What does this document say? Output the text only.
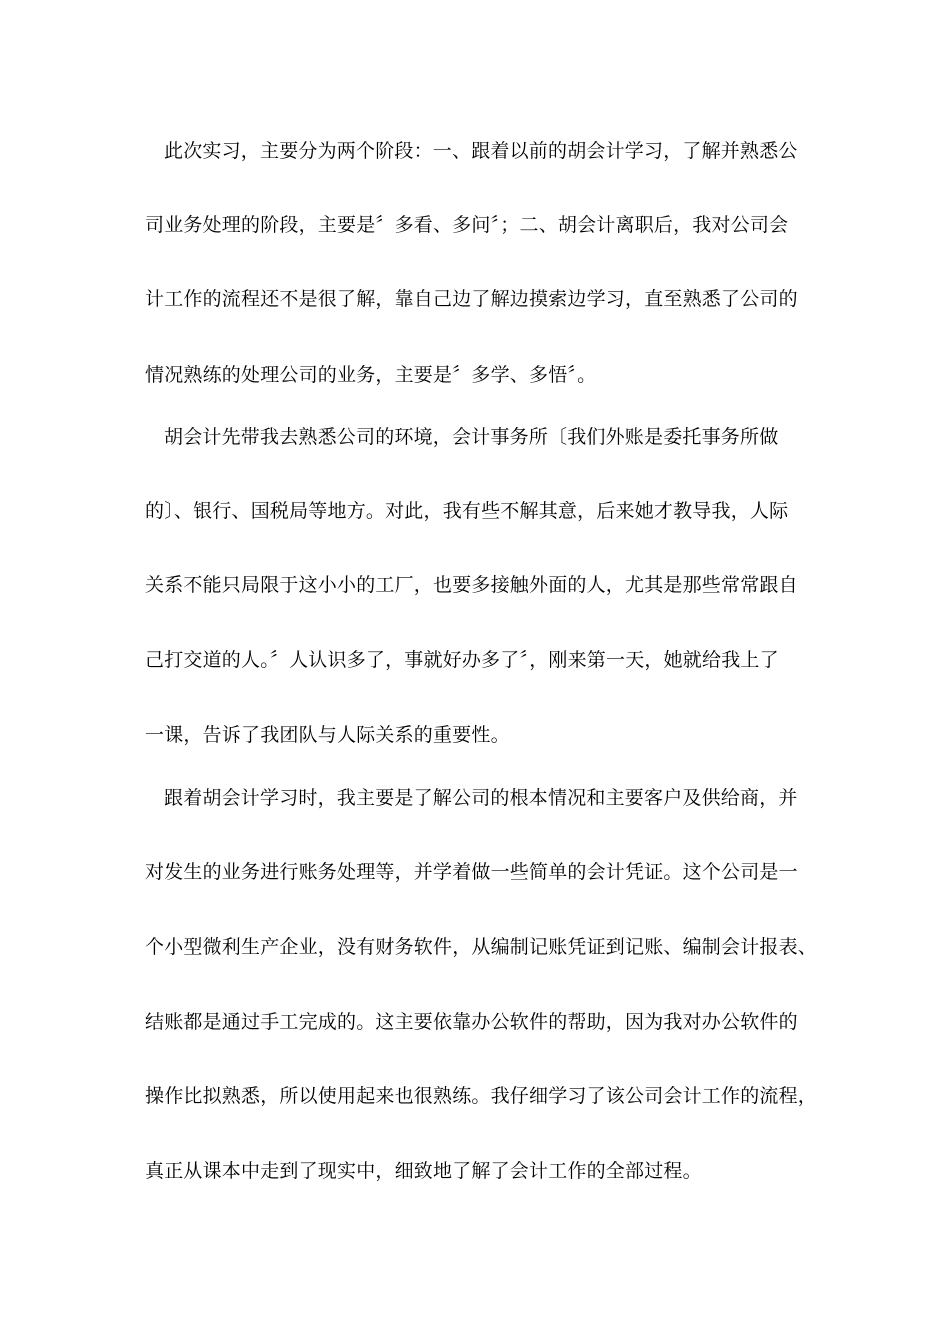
此次实习，主要分为两个阶段：一、跟着以前的胡会计学习，了解并熟悉公
司业务处理的阶段，主要是〞多看、多问〞；二、胡会计离职后，我对公司会
计工作的流程还不是很了解，靠自己边了解边摸索边学习，直至熟悉了公司的
情况熟练的处理公司的业务，主要是〞多学、多悟〞。
胡会计先带我去熟悉公司的环境，会计事务所〔我们外账是委托事务所做
的〕、银行、国税局等地方。对此，我有些不解其意，后来她才教导我，人际
关系不能只局限于这小小的工厂，也要多接触外面的人，尤其是那些常常跟自
己打交道的人。〞人认识多了，事就好办多了〞，刚来第一天，她就给我上了
一课，告诉了我团队与人际关系的重要性。
跟着胡会计学习时，我主要是了解公司的根本情况和主要客户及供给商，并
对发生的业务进行账务处理等，并学着做一些简单的会计凭证。这个公司是一
个小型微利生产企业，没有财务软件，从编制记账凭证到记账、编制会计报表、
结账都是通过手工完成的。这主要依靠办公软件的帮助，因为我对办公软件的
操作比拟熟悉，所以使用起来也很熟练。我仔细学习了该公司会计工作的流程，
真正从课本中走到了现实中，细致地了解了会计工作的全部过程。
